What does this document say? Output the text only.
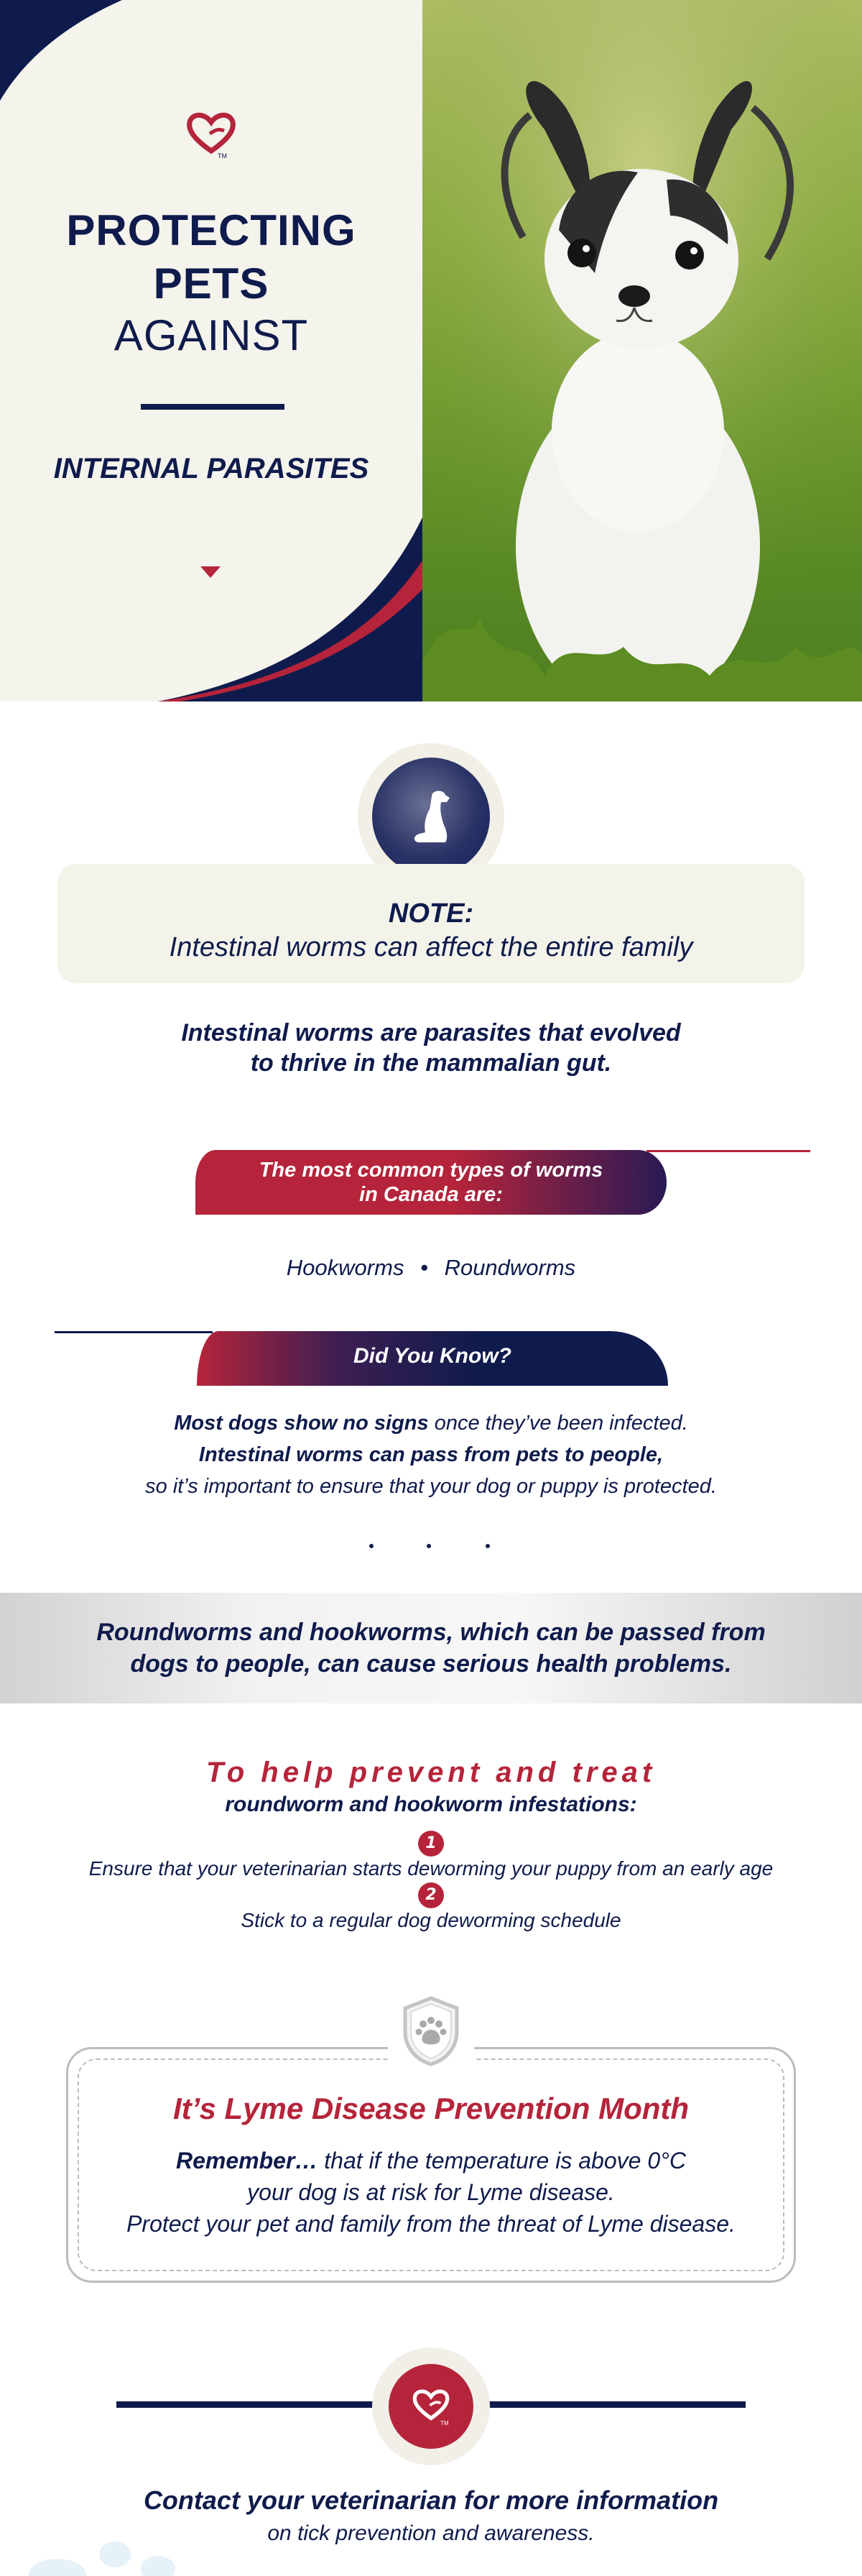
TM
PROTECTING
PETS
AGAINST
INTERNAL PARASITES
NOTE:
Intestinal worms can affect the entire family
Intestinal worms are parasites that evolved
to thrive in the mammalian gut.
The most common types of worms
in Canada are:
Hookworms • Roundworms
Did You Know?
Most dogs show no signs once they’ve been infected.
Intestinal worms can pass from pets to people,
so it’s important to ensure that your dog or puppy is protected.
Roundworms and hookworms, which can be passed from
dogs to people, can cause serious health problems.
To help prevent and treat
roundworm and hookworm infestations:
1
Ensure that your veterinarian starts deworming your puppy from an early age
2
Stick to a regular dog deworming schedule
It’s Lyme Disease Prevention Month
Remember… that if the temperature is above 0°C
your dog is at risk for Lyme disease.
Protect your pet and family from the threat of Lyme disease.
TM
Contact your veterinarian for more information
on tick prevention and awareness.
